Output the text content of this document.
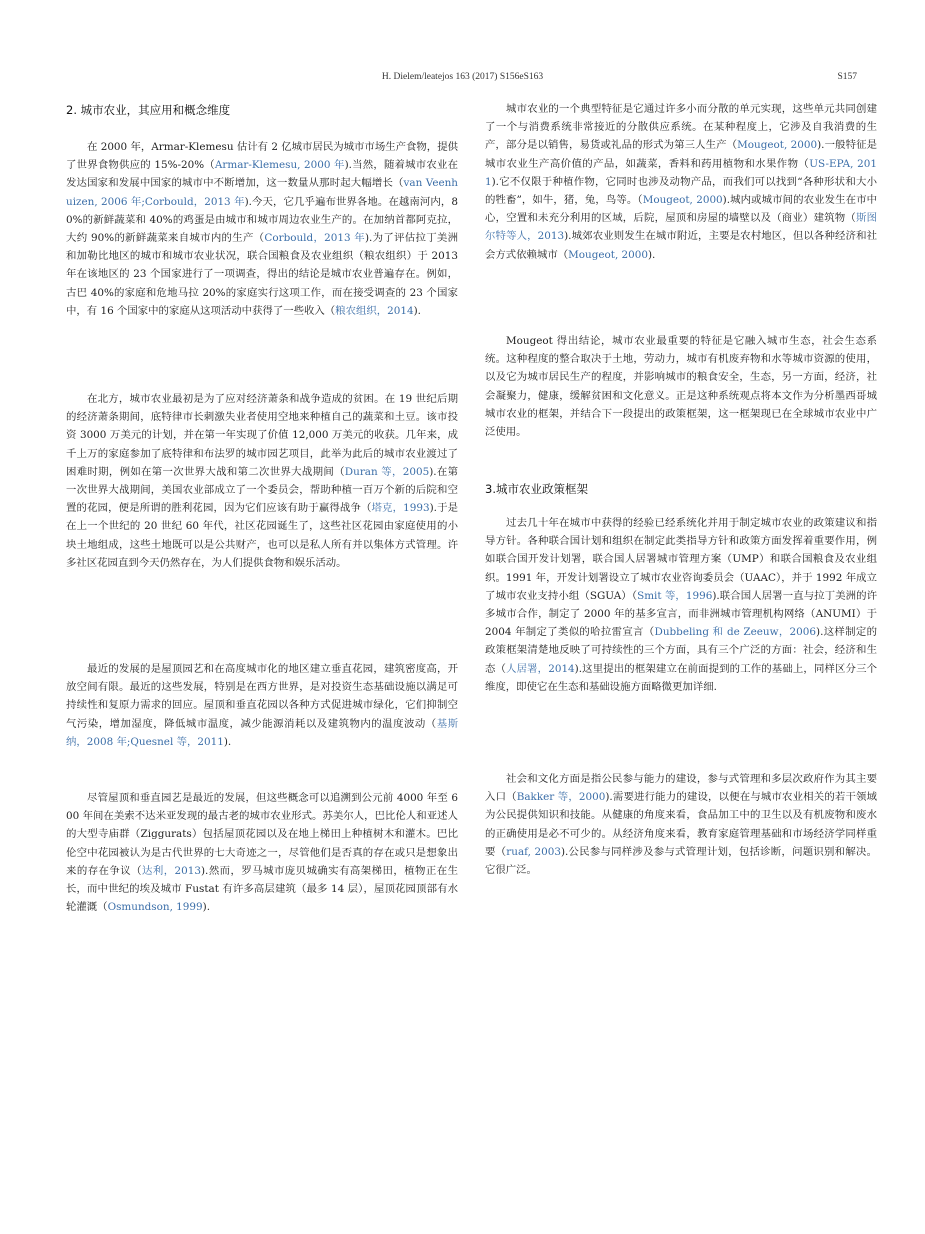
H. Dielem/leatejos 163 (2017) S156eS163	S157
2. 城市农业，其应用和概念维度

在 2000 年，Armar-Klemesu 估计有 2 亿城市居民为城市市场生产食物，提供了世界食物供应的 15%-20%（Armar-Klemesu, 2000 年).当然，随着城市农业在发达国家和发展中国家的城市中不断增加，这一数量从那时起大幅增长（van Veenhuizen, 2006 年;Corbould，2013 年).今天，它几乎遍布世界各地。在越南河内，80%的新鲜蔬菜和 40%的鸡蛋是由城市和城市周边农业生产的。在加纳首都阿克拉，大约 90%的新鲜蔬菜来自城市内的生产（Corbould，2013 年).为了评估拉丁美洲和加勒比地区的城市和城市农业状况，联合国粮食及农业组织（粮农组织）于 2013 年在该地区的 23 个国家进行了一项调查，得出的结论是城市农业普遍存在。例如，古巴 40%的家庭和危地马拉 20%的家庭实行这项工作，而在接受调查的 23 个国家中，有 16 个国家中的家庭从这项活动中获得了一些收入（粮农组织，2014).

在北方，城市农业最初是为了应对经济萧条和战争造成的贫困。在 19 世纪后期的经济萧条期间，底特律市长刺激失业者使用空地来种植自己的蔬菜和土豆。该市投资 3000 万美元的计划，并在第一年实现了价值 12,000 万美元的收获。几年来，成千上万的家庭参加了底特律和布法罗的城市园艺项目，此举为此后的城市农业渡过了困难时期，例如在第一次世界大战和第二次世界大战期间（Duran 等，2005).在第一次世界大战期间，美国农业部成立了一个委员会，帮助种植一百万个新的后院和空置的花园，便是所谓的胜利花园，因为它们应该有助于赢得战争（塔克，1993).于是在上一个世纪的 20 世纪 60 年代，社区花园诞生了，这些社区花园由家庭使用的小块土地组成，这些土地既可以是公共财产，也可以是私人所有并以集体方式管理。许多社区花园直到今天仍然存在，为人们提供食物和娱乐活动。

最近的发展的是屋顶园艺和在高度城市化的地区建立垂直花园，建筑密度高，开放空间有限。最近的这些发展，特别是在西方世界，是对投资生态基础设施以满足可持续性和复原力需求的回应。屋顶和垂直花园以各种方式促进城市绿化，它们抑制空气污染，增加湿度，降低城市温度，减少能源消耗以及建筑物内的温度波动（基斯纳，2008 年;Quesnel 等，2011).

尽管屋顶和垂直园艺是最近的发展，但这些概念可以追溯到公元前 4000 年至 600 年间在美索不达米亚发现的最古老的城市农业形式。苏美尔人，巴比伦人和亚述人的大型寺庙群（Ziggurats）包括屋顶花园以及在地上梯田上种植树木和灌木。巴比伦空中花园被认为是古代世界的七大奇迹之一，尽管他们是否真的存在或只是想象出来的存在争议（达利，2013).然而，罗马城市庞贝城确实有高架梯田，植物正在生长，而中世纪的埃及城市 Fustat 有许多高层建筑（最多 14 层），屋顶花园顶部有水轮灌溉（Osmundson, 1999).

城市农业的一个典型特征是它通过许多小而分散的单元实现，这些单元共同创建了一个与消费系统非常接近的分散供应系统。在某种程度上，它涉及自我消费的生产，部分是以销售，易货或礼品的形式为第三人生产（Mougeot, 2000).一般特征是城市农业生产高价值的产品，如蔬菜，香料和药用植物和水果作物（US-EPA, 2011).它不仅限于种植作物，它同时也涉及动物产品，而我们可以找到“各种形状和大小的牲畜”，如牛，猪，兔，鸟等。（Mougeot, 2000).城内或城市间的农业发生在市中心，空置和未充分利用的区域，后院，屋顶和房屋的墙壁以及（商业）建筑物（斯图尔特等人，2013).城郊农业则发生在城市附近，主要是农村地区，但以各种经济和社会方式依赖城市（Mougeot, 2000).

Mougeot 得出结论，城市农业最重要的特征是它融入城市生态，社会生态系统。这种程度的整合取决于土地，劳动力，城市有机废弃物和水等城市资源的使用，以及它为城市居民生产的程度，并影响城市的粮食安全，生态，另一方面，经济，社会凝聚力，健康，缓解贫困和文化意义。正是这种系统观点将本文作为分析墨西哥城城市农业的框架，并结合下一段提出的政策框架，这一框架现已在全球城市农业中广泛使用。

3.城市农业政策框架

过去几十年在城市中获得的经验已经系统化并用于制定城市农业的政策建议和指导方针。各种联合国计划和组织在制定此类指导方针和政策方面发挥着重要作用，例如联合国开发计划署，联合国人居署城市管理方案（UMP）和联合国粮食及农业组织。1991 年，开发计划署设立了城市农业咨询委员会（UAAC），并于 1992 年成立了城市农业支持小组（SGUA）（Smit 等，1996).联合国人居署一直与拉丁美洲的许多城市合作，制定了 2000 年的基多宣言，而非洲城市管理机构网络（ANUMI）于 2004 年制定了类似的哈拉雷宣言（Dubbeling 和 de Zeeuw，2006).这样制定的政策框架清楚地反映了可持续性的三个方面，具有三个广泛的方面：社会，经济和生态（人居署，2014).这里提出的框架建立在前面提到的工作的基础上，同样区分三个维度，即使它在生态和基础设施方面略微更加详细.

社会和文化方面是指公民参与能力的建设，参与式管理和多层次政府作为其主要入口（Bakker 等，2000).需要进行能力的建设，以便在与城市农业相关的若干领域为公民提供知识和技能。从健康的角度来看，食品加工中的卫生以及有机废物和废水的正确使用是必不可少的。从经济角度来看，教育家庭管理基础和市场经济学同样重要（ruaf, 2003).公民参与同样涉及参与式管理计划，包括诊断，问题识别和解决。它很广泛。
